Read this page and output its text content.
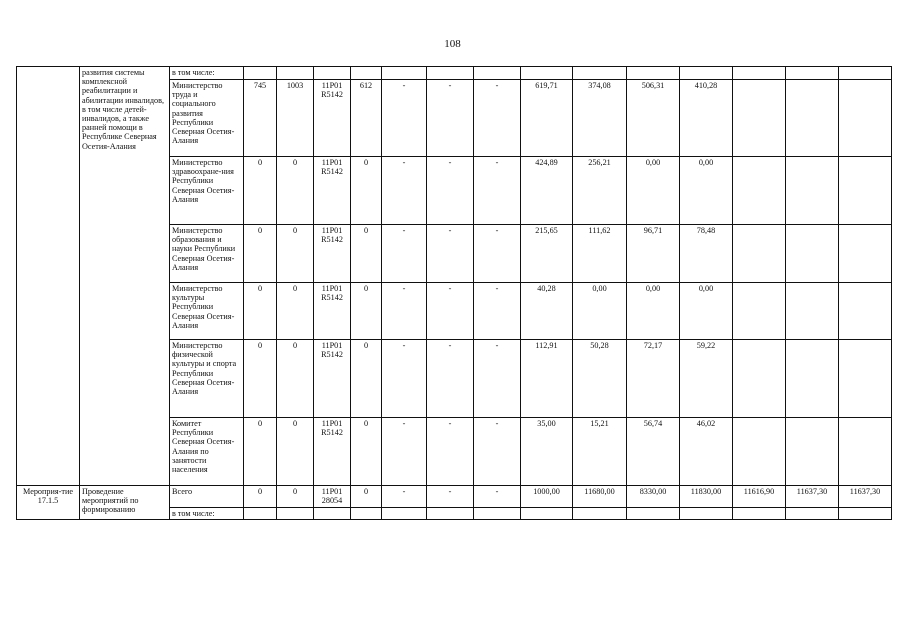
108
	развития системы комплексной реабилитации и абилитации инвалидов, в том числе детей-инвалидов, а также ранней помощи в Республике Северная Осетия-Алания	в том числе:														
		Министерство труда и социального развития Республики Северная Осетия-Алания	745	1003	11Р01 R5142	612	-	-	-	619,71	374,08	506,31	410,28			
		Министерство здравоохране-ния Республики Северная Осетия-Алания	0	0	11Р01 R5142	0	-	-	-	424,89	256,21	0,00	0,00			
		Министерство образования и науки Республики Северная Осетия-Алания	0	0	11Р01 R5142	0	-	-	-	215,65	111,62	96,71	78,48			
		Министерство культуры Республики Северная Осетия-Алания	0	0	11Р01 R5142	0	-	-	-	40,28	0,00	0,00	0,00			
		Министерство физической культуры и спорта Республики Северная Осетия-Алания	0	0	11Р01 R5142	0	-	-	-	112,91	50,28	72,17	59,22			
		Комитет Республики Северная Осетия-Алания по занятости населения	0	0	11Р01 R5142	0	-	-	-	35,00	15,21	56,74	46,02			
Мероприя-тие 17.1.5	Проведение мероприятий по формированию	Всего	0	0	11Р01 28054	0	-	-	-	1000,00	11680,00	8330,00	11830,00	11616,90	11637,30	11637,30
		в том числе:														
